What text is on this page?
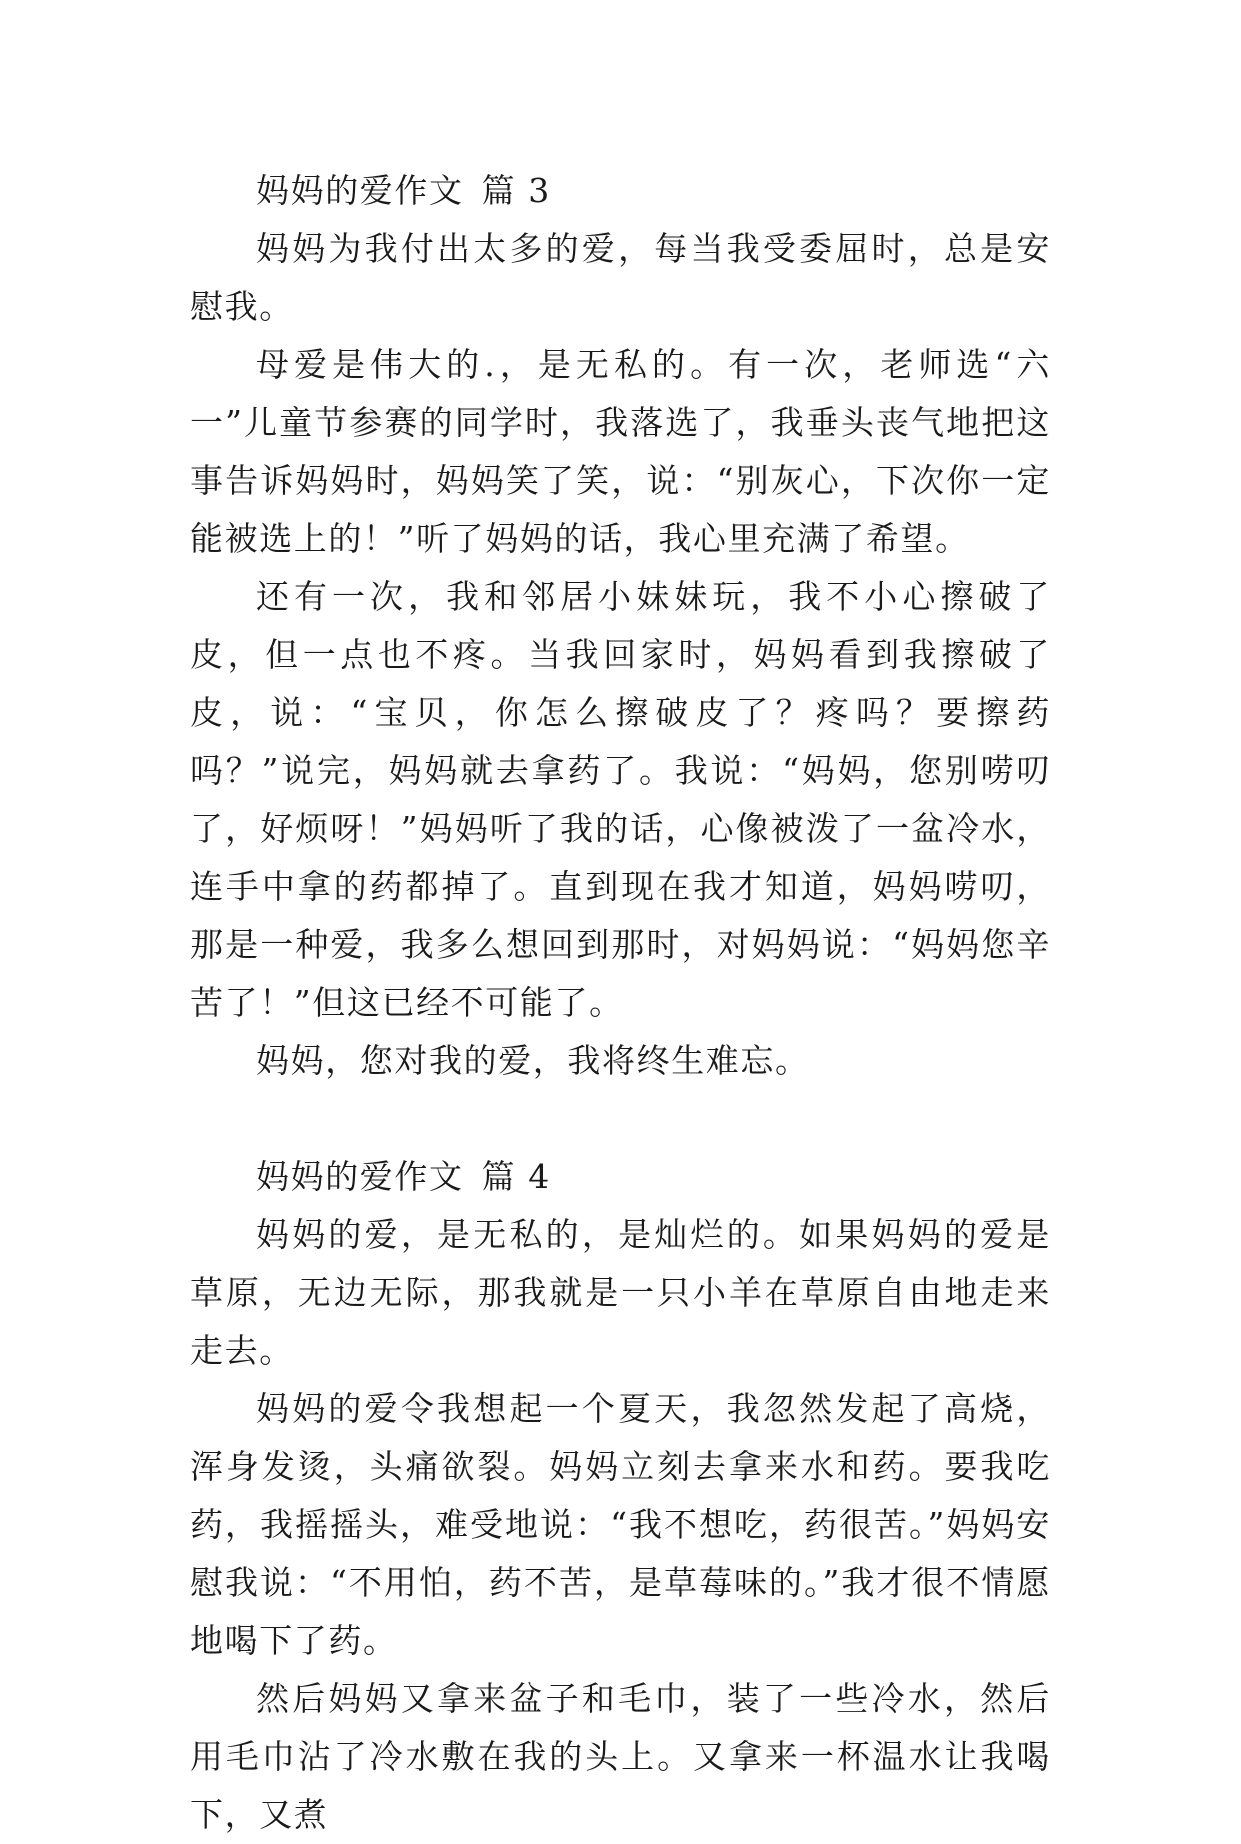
妈妈的爱作文 篇 3

妈妈为我付出太多的爱，每当我受委屈时，总是安慰我。

母爱是伟大的.，是无私的。有一次，老师选“六一”儿童节参赛的同学时，我落选了，我垂头丧气地把这事告诉妈妈时，妈妈笑了笑，说：“别灰心，下次你一定能被选上的！”听了妈妈的话，我心里充满了希望。

还有一次，我和邻居小妹妹玩，我不小心擦破了皮，但一点也不疼。当我回家时，妈妈看到我擦破了皮，说：“宝贝，你怎么擦破皮了？疼吗？要擦药吗？”说完，妈妈就去拿药了。我说：“妈妈，您别唠叨了，好烦呀！”妈妈听了我的话，心像被泼了一盆冷水，连手中拿的药都掉了。直到现在我才知道，妈妈唠叨，那是一种爱，我多么想回到那时，对妈妈说：“妈妈您辛苦了！”但这已经不可能了。

妈妈，您对我的爱，我将终生难忘。

妈妈的爱作文 篇 4

妈妈的爱，是无私的，是灿烂的。如果妈妈的爱是草原，无边无际，那我就是一只小羊在草原自由地走来走去。

妈妈的爱令我想起一个夏天，我忽然发起了高烧，浑身发烫，头痛欲裂。妈妈立刻去拿来水和药。要我吃药，我摇摇头，难受地说：“我不想吃，药很苦。”妈妈安慰我说：“不用怕，药不苦，是草莓味的。”我才很不情愿地喝下了药。

然后妈妈又拿来盆子和毛巾，装了一些冷水，然后用毛巾沾了冷水敷在我的头上。又拿来一杯温水让我喝下，又煮
